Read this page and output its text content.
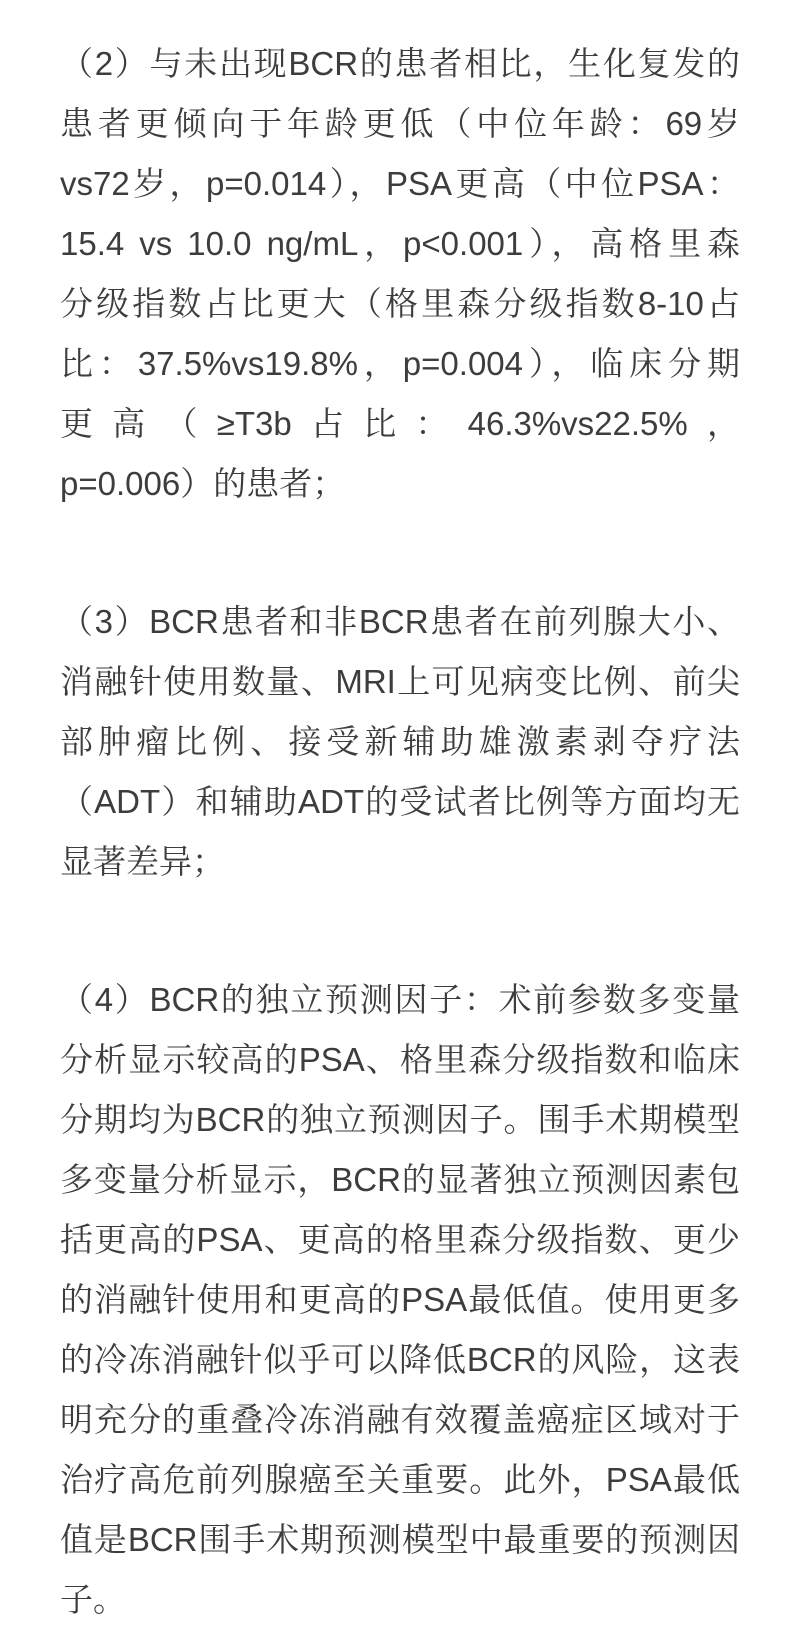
（2）与未出现BCR的患者相比，生化复发的
患者更倾向于年龄更低（中位年龄：69岁
vs72岁，p=0.014），PSA更高（中位PSA：
15.4 vs 10.0 ng/mL，p<0.001），高格里森
分级指数占比更大（格里森分级指数8-10占
比：37.5%vs19.8%，p=0.004），临床分期
更高（≥T3b占比：46.3%vs22.5%，
p=0.006）的患者；
（3）BCR患者和非BCR患者在前列腺大小、
消融针使用数量、MRI上可见病变比例、前尖
部肿瘤比例、接受新辅助雄激素剥夺疗法
（ADT）和辅助ADT的受试者比例等方面均无
显著差异；
（4）BCR的独立预测因子：术前参数多变量
分析显示较高的PSA、格里森分级指数和临床
分期均为BCR的独立预测因子。围手术期模型
多变量分析显示，BCR的显著独立预测因素包
括更高的PSA、更高的格里森分级指数、更少
的消融针使用和更高的PSA最低值。使用更多
的冷冻消融针似乎可以降低BCR的风险，这表
明充分的重叠冷冻消融有效覆盖癌症区域对于
治疗高危前列腺癌至关重要。此外，PSA最低
值是BCR围手术期预测模型中最重要的预测因
子。
